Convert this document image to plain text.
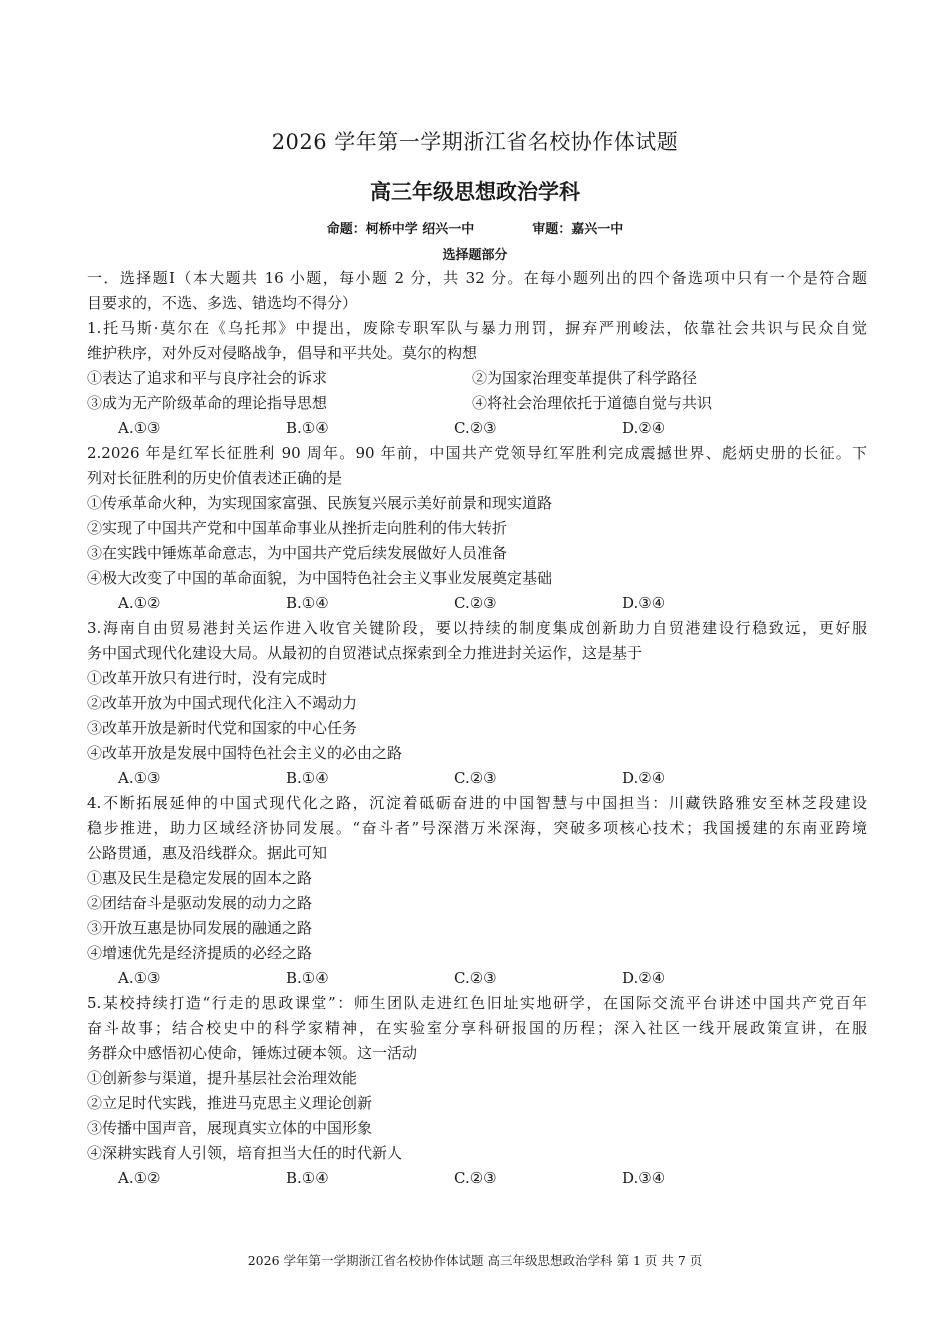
2026 学年第一学期浙江省名校协作体试题
高三年级思想政治学科
命题：柯桥中学 绍兴一中	审题：嘉兴一中
选择题部分
一．选择题Ⅰ（本大题共 16 小题，每小题 2 分，共 32 分。在每小题列出的四个备选项中只有一个是符合题
目要求的，不选、多选、错选均不得分）
1.托马斯·莫尔在《乌托邦》中提出，废除专职军队与暴力刑罚，摒弃严刑峻法，依靠社会共识与民众自觉
维护秩序，对外反对侵略战争，倡导和平共处。莫尔的构想
①表达了追求和平与良序社会的诉求	②为国家治理变革提供了科学路径
③成为无产阶级革命的理论指导思想	④将社会治理依托于道德自觉与共识
A.①③	B.①④	C.②③	D.②④
2.2026 年是红军长征胜利 90 周年。90 年前，中国共产党领导红军胜利完成震撼世界、彪炳史册的长征。下
列对长征胜利的历史价值表述正确的是
①传承革命火种，为实现国家富强、民族复兴展示美好前景和现实道路
②实现了中国共产党和中国革命事业从挫折走向胜利的伟大转折
③在实践中锤炼革命意志，为中国共产党后续发展做好人员准备
④极大改变了中国的革命面貌，为中国特色社会主义事业发展奠定基础
A.①②	B.①④	C.②③	D.③④
3.海南自由贸易港封关运作进入收官关键阶段，要以持续的制度集成创新助力自贸港建设行稳致远，更好服
务中国式现代化建设大局。从最初的自贸港试点探索到全力推进封关运作，这是基于
①改革开放只有进行时，没有完成时
②改革开放为中国式现代化注入不竭动力
③改革开放是新时代党和国家的中心任务
④改革开放是发展中国特色社会主义的必由之路
A.①③	B.①④	C.②③	D.②④
4.不断拓展延伸的中国式现代化之路，沉淀着砥砺奋进的中国智慧与中国担当：川藏铁路雅安至林芝段建设
稳步推进，助力区域经济协同发展。“奋斗者”号深潜万米深海，突破多项核心技术；我国援建的东南亚跨境
公路贯通，惠及沿线群众。据此可知
①惠及民生是稳定发展的固本之路
②团结奋斗是驱动发展的动力之路
③开放互惠是协同发展的融通之路
④增速优先是经济提质的必经之路
A.①③	B.①④	C.②③	D.②④
5.某校持续打造“行走的思政课堂”：师生团队走进红色旧址实地研学，在国际交流平台讲述中国共产党百年
奋斗故事；结合校史中的科学家精神，在实验室分享科研报国的历程；深入社区一线开展政策宣讲，在服
务群众中感悟初心使命，锤炼过硬本领。这一活动
①创新参与渠道，提升基层社会治理效能
②立足时代实践，推进马克思主义理论创新
③传播中国声音，展现真实立体的中国形象
④深耕实践育人引领，培育担当大任的时代新人
A.①②	B.①④	C.②③	D.③④
2026 学年第一学期浙江省名校协作体试题 高三年级思想政治学科 第 1 页 共 7 页
